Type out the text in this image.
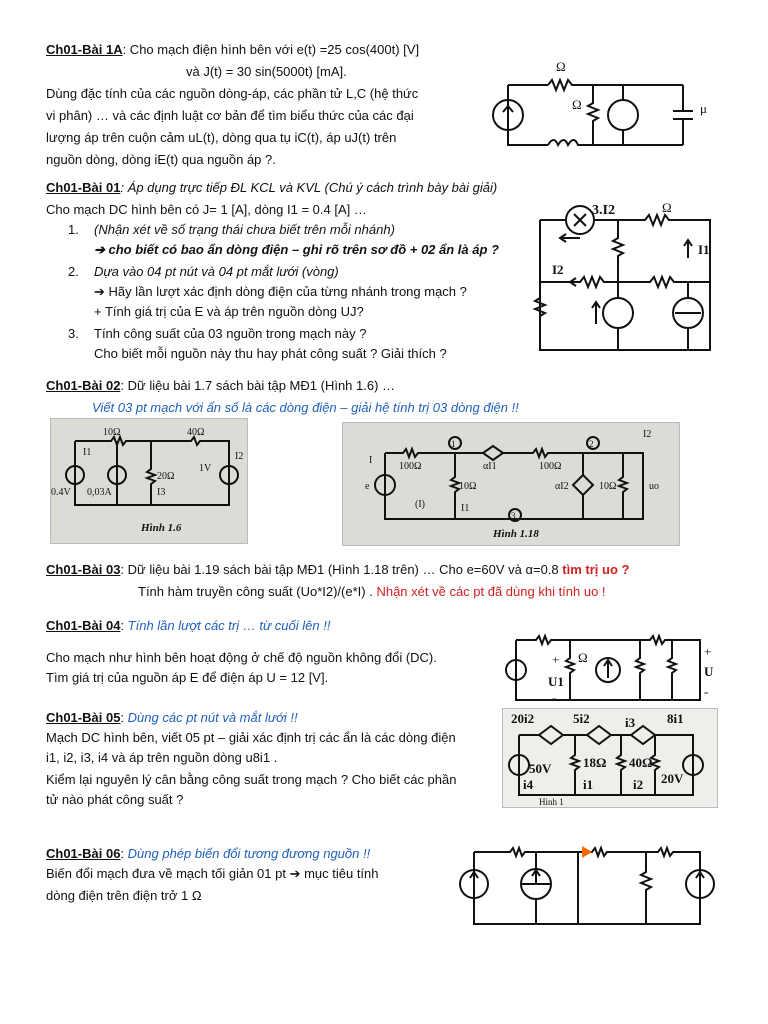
Ch01-Bài 1A: Cho mạch điện hình bên với e(t) =25 cos(400t) [V]
và J(t) = 30 sin(5000t) [mA].
Dùng đặc tính của các nguồn dòng-áp, các phần tử L,C (hệ thức
vi phân) … và các định luật cơ bản để tìm biểu thức của các đại
lượng áp trên cuộn cảm uL(t), dòng qua tụ iC(t), áp uJ(t) trên
nguồn dòng, dòng iE(t) qua nguồn áp ?.
Ω
Ω	μ
Ch01-Bài 01: Áp dụng trực tiếp ĐL KCL và KVL (Chú ý cách trình bày bài giải)
Cho mạch DC hình bên có J= 1 [A], dòng I1 = 0.4 [A] …
1. (Nhận xét về số trạng thái chưa biết trên mỗi nhánh)
➔ cho biết có bao ẩn dòng điện – ghi rõ trên sơ đồ + 02 ẩn là áp ?
2. Dựa vào 04 pt nút và 04 pt mắt lưới (vòng)
➔ Hãy lần lượt xác định dòng điện của từng nhánh trong mạch ?
+ Tính giá trị của E và áp trên nguồn dòng UJ?
3. Tính công suất của 03 nguồn trong mạch này ?
Cho biết mỗi nguồn này thu hay phát công suất ? Giải thích ?
3.I2
I1
I2
Ω
Ch01-Bài 02: Dữ liệu bài 1.7 sách bài tập MĐ1 (Hình 1.6) …
Viết 03 pt mạch với ẩn số là các dòng điện – giải hệ tính trị 03 dòng điện !!
10Ω	40Ω
20Ω
0.4V 0,03A
1V
I1	I2
I3
Hình 1.6
1	2
3
100Ω	100Ω
10Ω	10Ω
αI1
αI2
e
I
I1
I2
uo
(I)
Hình 1.18
Ch01-Bài 03: Dữ liệu bài 1.19 sách bài tập MĐ1 (Hình 1.18 trên) … Cho e=60V và α=0.8 tìm trị uo ?
Tính hàm truyền công suất (Uo*I2)/(e*I) . Nhận xét về các pt đã dùng khi tính uo !
Ch01-Bài 04: Tính lần lượt các trị … từ cuối lên !!
Cho mạch như hình bên hoạt động ở chế độ nguồn không đổi (DC).
Tìm giá trị của nguồn áp E để điện áp U = 12 [V].	U1
U
Ω
+
-
+
-
Ch01-Bài 05: Dùng các pt nút và mắt lưới !!
Mạch DC hình bên, viết 05 pt – giải xác định trị các ẩn là các dòng điện
i1, i2, i3, i4 và áp trên nguồn dòng u8i1 .
Kiểm lại nguyên lý cân bằng công suất trong mạch ? Cho biết các phần
tử nào phát công suất ?
20i2	5i2	8i1
i3
50V
20V
18Ω 40Ω
i1	i2
i4
Hình 1
Ch01-Bài 06: Dùng phép biến đổi tương đương nguồn !!
Biến đổi mạch đưa về mạch tối giản 01 pt ➔ mục tiêu tính
dòng điện trên điện trở 1 Ω
